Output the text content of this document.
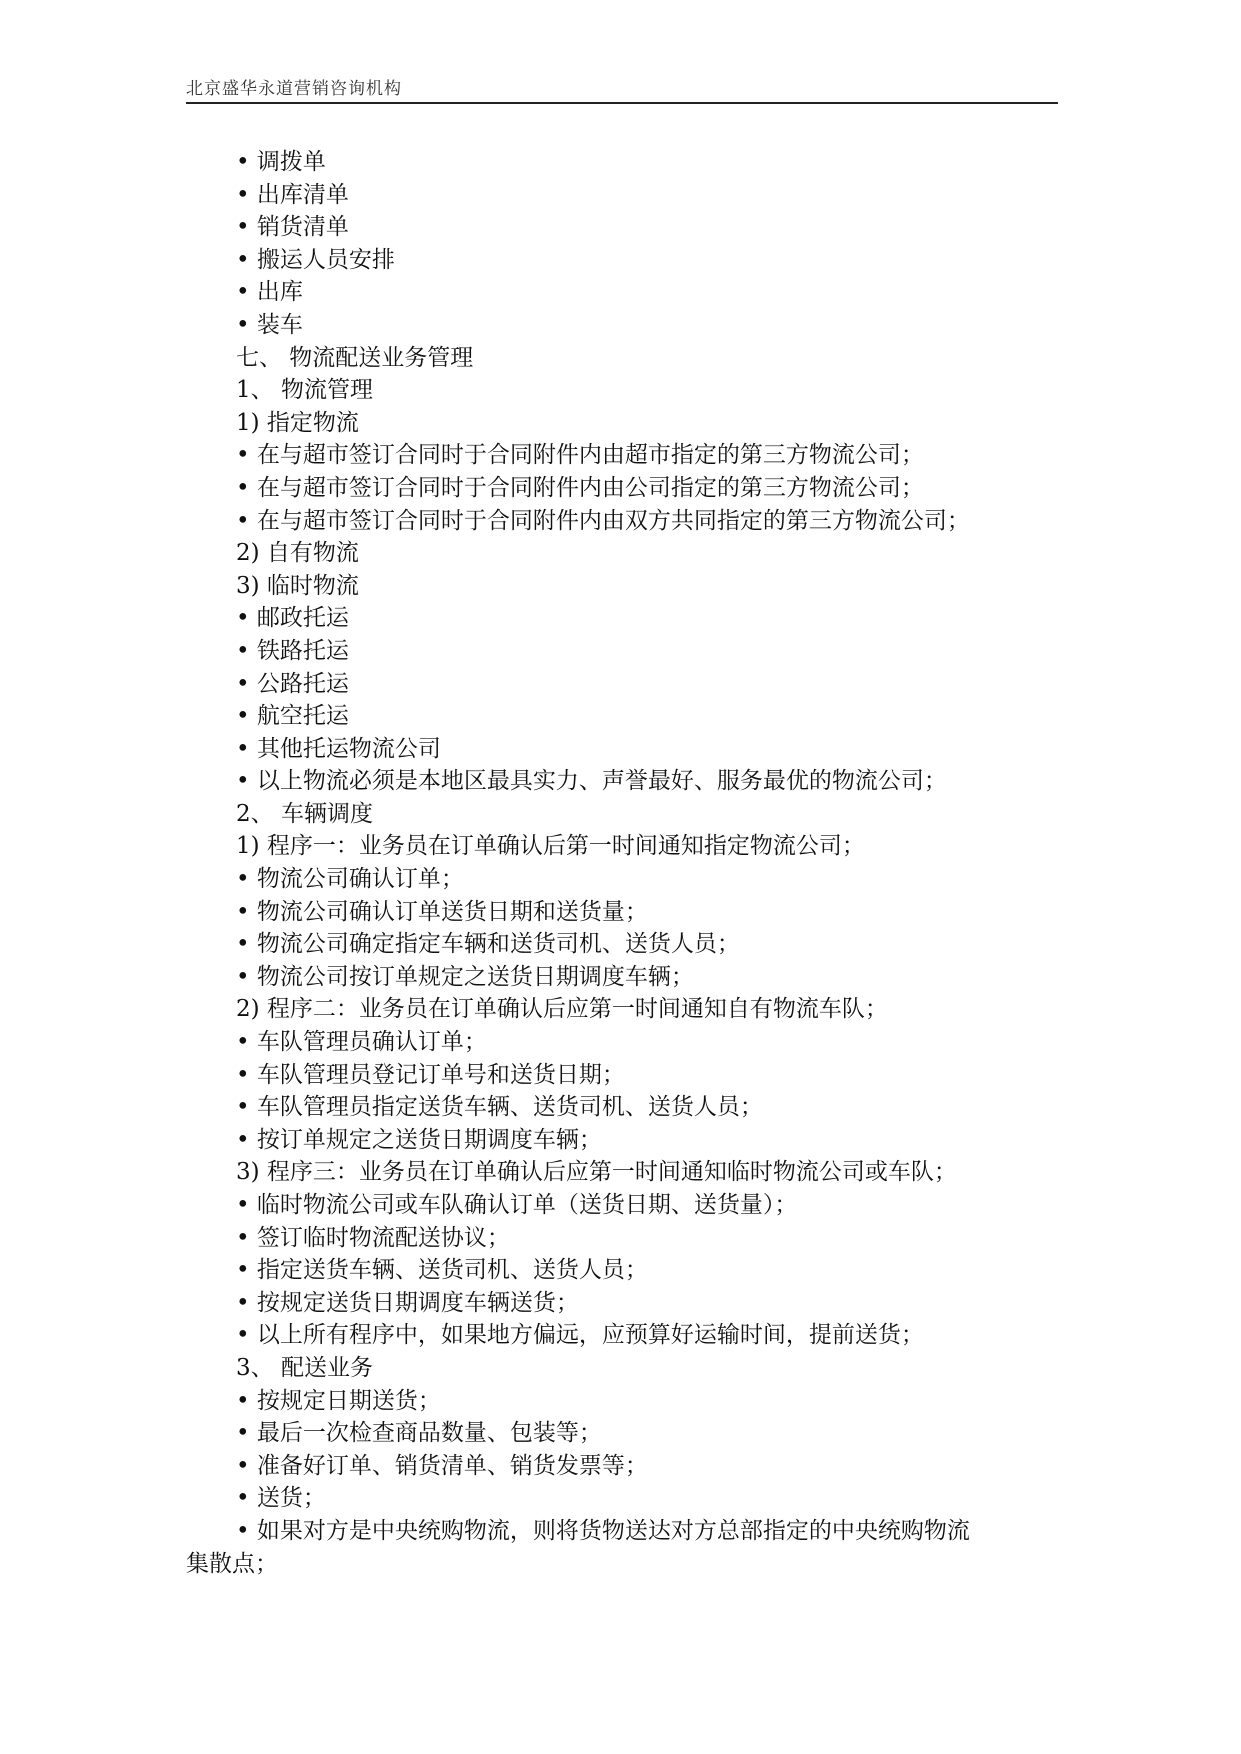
北京盛华永道营销咨询机构
• 调拨单
• 出库清单
• 销货清单
• 搬运人员安排
• 出库
• 装车
七、 物流配送业务管理
1、 物流管理
1) 指定物流
• 在与超市签订合同时于合同附件内由超市指定的第三方物流公司；
• 在与超市签订合同时于合同附件内由公司指定的第三方物流公司；
• 在与超市签订合同时于合同附件内由双方共同指定的第三方物流公司；
2) 自有物流
3) 临时物流
• 邮政托运
• 铁路托运
• 公路托运
• 航空托运
• 其他托运物流公司
• 以上物流必须是本地区最具实力、声誉最好、服务最优的物流公司；
2、 车辆调度
1) 程序一：业务员在订单确认后第一时间通知指定物流公司；
• 物流公司确认订单；
• 物流公司确认订单送货日期和送货量；
• 物流公司确定指定车辆和送货司机、送货人员；
• 物流公司按订单规定之送货日期调度车辆；
2) 程序二：业务员在订单确认后应第一时间通知自有物流车队；
• 车队管理员确认订单；
• 车队管理员登记订单号和送货日期；
• 车队管理员指定送货车辆、送货司机、送货人员；
• 按订单规定之送货日期调度车辆；
3) 程序三：业务员在订单确认后应第一时间通知临时物流公司或车队；
• 临时物流公司或车队确认订单（送货日期、送货量）；
• 签订临时物流配送协议；
• 指定送货车辆、送货司机、送货人员；
• 按规定送货日期调度车辆送货；
• 以上所有程序中，如果地方偏远，应预算好运输时间，提前送货；
3、 配送业务
• 按规定日期送货；
• 最后一次检查商品数量、包装等；
• 准备好订单、销货清单、销货发票等；
• 送货；
• 如果对方是中央统购物流，则将货物送达对方总部指定的中央统购物流
集散点；
